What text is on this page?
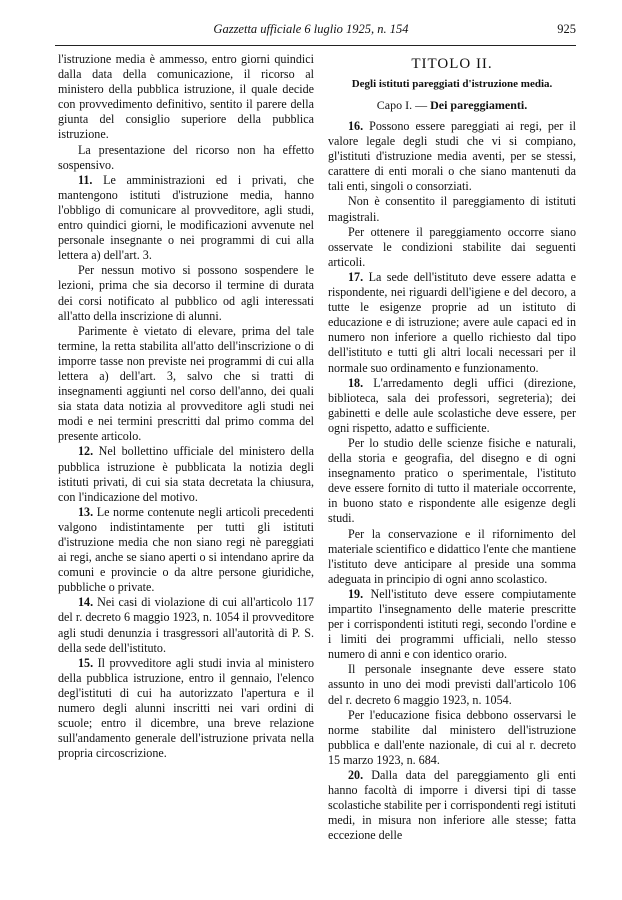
Gazzetta ufficiale 6 luglio 1925, n. 154	925

l'istruzione media è ammesso, entro giorni quindici dalla data della comunicazione, il ricorso al ministero della pubblica istruzione, il quale decide con provvedimento definitivo, sentito il parere della giunta del consiglio superiore della pubblica istruzione.

La presentazione del ricorso non ha effetto sospensivo.

11. Le amministrazioni ed i privati, che mantengono istituti d'istruzione media, hanno l'obbligo di comunicare al provveditore, agli studi, entro quindici giorni, le modificazioni avvenute nel personale insegnante o nei programmi di cui alla lettera a) dell'art. 3.

Per nessun motivo si possono sospendere le lezioni, prima che sia decorso il termine di durata dei corsi notificato al pubblico od agli interessati all'atto della inscrizione di alunni.

Parimente è vietato di elevare, prima del tale termine, la retta stabilita all'atto dell'inscrizione o di imporre tasse non previste nei programmi di cui alla lettera a) dell'art. 3, salvo che si tratti di insegnamenti aggiunti nel corso dell'anno, dei quali sia stata data notizia al provveditore agli studi nei modi e nei termini prescritti dal primo comma del presente articolo.

12. Nel bollettino ufficiale del ministero della pubblica istruzione è pubblicata la notizia degli istituti privati, di cui sia stata decretata la chiusura, con l'indicazione del motivo.

13. Le norme contenute negli articoli precedenti valgono indistintamente per tutti gli istituti d'istruzione media che non siano regi nè pareggiati ai regi, anche se siano aperti o si intendano aprire da comuni e provincie o da altre persone giuridiche, pubbliche o private.

14. Nei casi di violazione di cui all'articolo 117 del r. decreto 6 maggio 1923, n. 1054 il provveditore agli studi denunzia i trasgressori all'autorità di P. S. della sede dell'istituto.

15. Il provveditore agli studi invia al ministero della pubblica istruzione, entro il gennaio, l'elenco degl'istituti di cui ha autorizzato l'apertura e il numero degli alunni inscritti nei vari ordini di scuole; entro il dicembre, una breve relazione sull'andamento generale dell'istruzione privata nella propria circoscrizione.

TITOLO II.
Degli istituti pareggiati d'istruzione media.
Capo I. — Dei pareggiamenti.

16. Possono essere pareggiati ai regi, per il valore legale degli studi che vi si compiano, gl'istituti d'istruzione media aventi, per se stessi, carattere di enti morali o che siano mantenuti da tali enti, singoli o consorziati.

Non è consentito il pareggiamento di istituti magistrali.

Per ottenere il pareggiamento occorre siano osservate le condizioni stabilite dai seguenti articoli.

17. La sede dell'istituto deve essere adatta e rispondente, nei riguardi dell'igiene e del decoro, a tutte le esigenze proprie ad un istituto di educazione e di istruzione; avere aule capaci ed in numero non inferiore a quello richiesto dal tipo dell'istituto e tutti gli altri locali necessari per il normale suo ordinamento e funzionamento.

18. L'arredamento degli uffici (direzione, biblioteca, sala dei professori, segreteria); dei gabinetti e delle aule scolastiche deve essere, per ogni rispetto, adatto e sufficiente.

Per lo studio delle scienze fisiche e naturali, della storia e geografia, del disegno e di ogni insegnamento pratico o sperimentale, l'istituto deve essere fornito di tutto il materiale occorrente, in buono stato e rispondente alle esigenze degli studi.

Per la conservazione e il rifornimento del materiale scientifico e didattico l'ente che mantiene l'istituto deve anticipare al preside una somma adeguata in principio di ogni anno scolastico.

19. Nell'istituto deve essere compiutamente impartito l'insegnamento delle materie prescritte per i corrispondenti istituti regi, secondo l'ordine e i limiti dei programmi ufficiali, nello stesso numero di anni e con identico orario.

Il personale insegnante deve essere stato assunto in uno dei modi previsti dall'articolo 106 del r. decreto 6 maggio 1923, n. 1054.

Per l'educazione fisica debbono osservarsi le norme stabilite dal ministero dell'istruzione pubblica e dall'ente nazionale, di cui al r. decreto 15 marzo 1923, n. 684.

20. Dalla data del pareggiamento gli enti hanno facoltà di imporre i diversi tipi di tasse scolastiche stabilite per i corrispondenti regi istituti medi, in misura non inferiore alle stesse; fatta eccezione delle
